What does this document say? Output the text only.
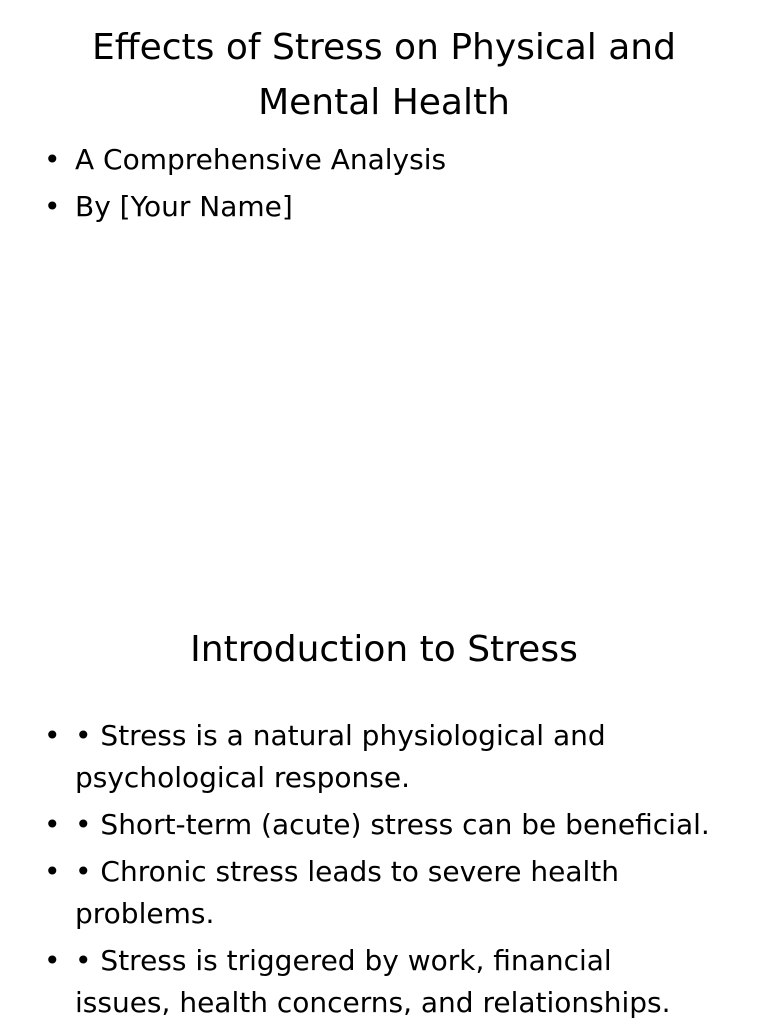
Effects of Stress on Physical and Mental Health
• A Comprehensive Analysis
• By [Your Name]
Introduction to Stress
• • Stress is a natural physiological and psychological response.
• • Short-term (acute) stress can be beneficial.
• • Chronic stress leads to severe health problems.
• • Stress is triggered by work, financial issues, health concerns, and relationships.
